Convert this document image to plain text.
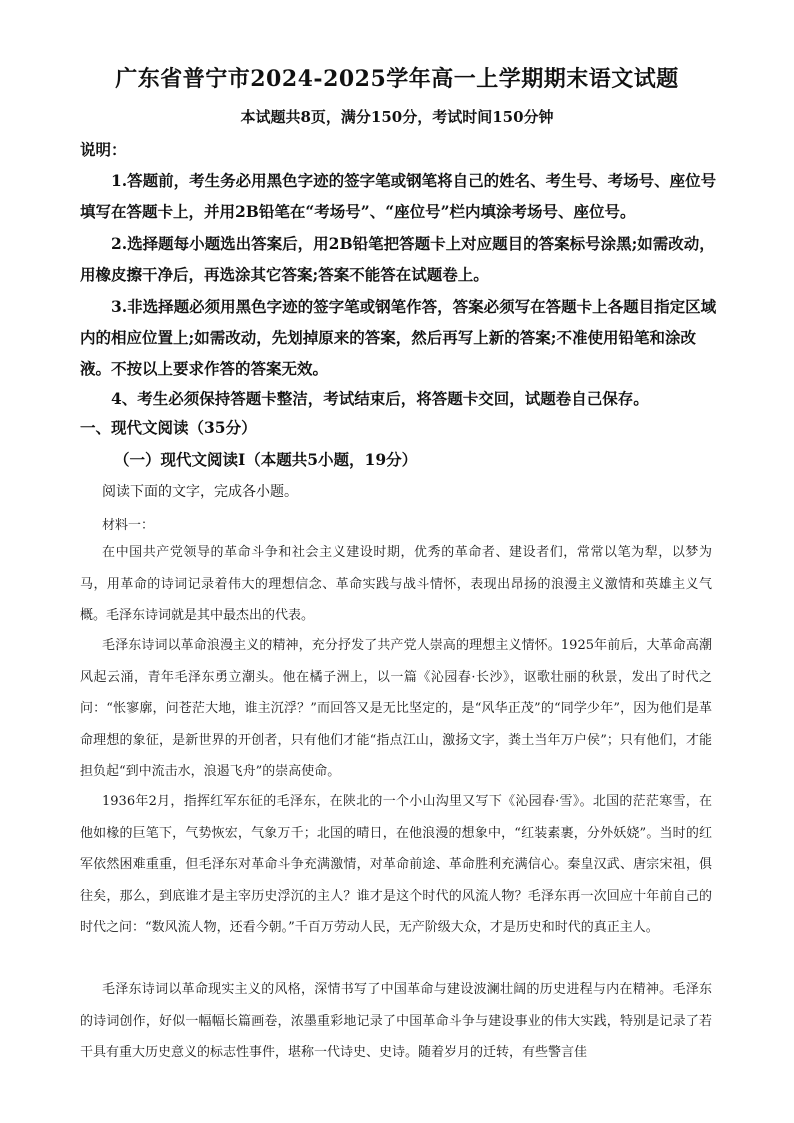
广东省普宁市2024-2025学年高一上学期期末语文试题
本试题共8页，满分150分，考试时间150分钟

说明：

1.答题前，考生务必用黑色字迹的签字笔或钢笔将自己的姓名、考生号、考场号、座位号填写在答题卡上，并用2B铅笔在“考场号”、“座位号”栏内填涂考场号、座位号。

2.选择题每小题选出答案后，用2B铅笔把答题卡上对应题目的答案标号涂黑;如需改动，用橡皮擦干净后，再选涂其它答案;答案不能答在试题卷上。

3.非选择题必须用黑色字迹的签字笔或钢笔作答，答案必须写在答题卡上各题目指定区域内的相应位置上;如需改动，先划掉原来的答案，然后再写上新的答案;不准使用铅笔和涂改液。不按以上要求作答的答案无效。

4、考生必须保持答题卡整洁，考试结束后，将答题卡交回，试题卷自己保存。

一、现代文阅读（35分）

（一）现代文阅读Ⅰ（本题共5小题，19分）

阅读下面的文字，完成各小题。

材料一：

在中国共产党领导的革命斗争和社会主义建设时期，优秀的革命者、建设者们，常常以笔为犁，以梦为马，用革命的诗词记录着伟大的理想信念、革命实践与战斗情怀，表现出昂扬的浪漫主义激情和英雄主义气概。毛泽东诗词就是其中最杰出的代表。

毛泽东诗词以革命浪漫主义的精神，充分抒发了共产党人崇高的理想主义情怀。1925年前后，大革命高潮风起云涌，青年毛泽东勇立潮头。他在橘子洲上，以一篇《沁园春·长沙》，讴歌壮丽的秋景，发出了时代之问：“怅寥廓，问苍茫大地，谁主沉浮？”而回答又是无比坚定的，是“风华正茂”的“同学少年”，因为他们是革命理想的象征，是新世界的开创者，只有他们才能“指点江山，激扬文字，粪土当年万户侯”；只有他们，才能担负起“到中流击水，浪遏飞舟”的崇高使命。

1936年2月，指挥红军东征的毛泽东，在陕北的一个小山沟里又写下《沁园春·雪》。北国的茫茫寒雪，在他如椽的巨笔下，气势恢宏，气象万千；北国的晴日，在他浪漫的想象中，“红装素裹，分外妖娆”。当时的红军依然困难重重，但毛泽东对革命斗争充满激情，对革命前途、革命胜利充满信心。秦皇汉武、唐宗宋祖，俱往矣，那么，到底谁才是主宰历史浮沉的主人？谁才是这个时代的风流人物？毛泽东再一次回应十年前自己的时代之问：“数风流人物，还看今朝。”千百万劳动人民，无产阶级大众，才是历史和时代的真正主人。

毛泽东诗词以革命现实主义的风格，深情书写了中国革命与建设波澜壮阔的历史进程与内在精神。毛泽东的诗词创作，好似一幅幅长篇画卷，浓墨重彩地记录了中国革命斗争与建设事业的伟大实践，特别是记录了若干具有重大历史意义的标志性事件，堪称一代诗史、史诗。随着岁月的迁转，有些警言佳
